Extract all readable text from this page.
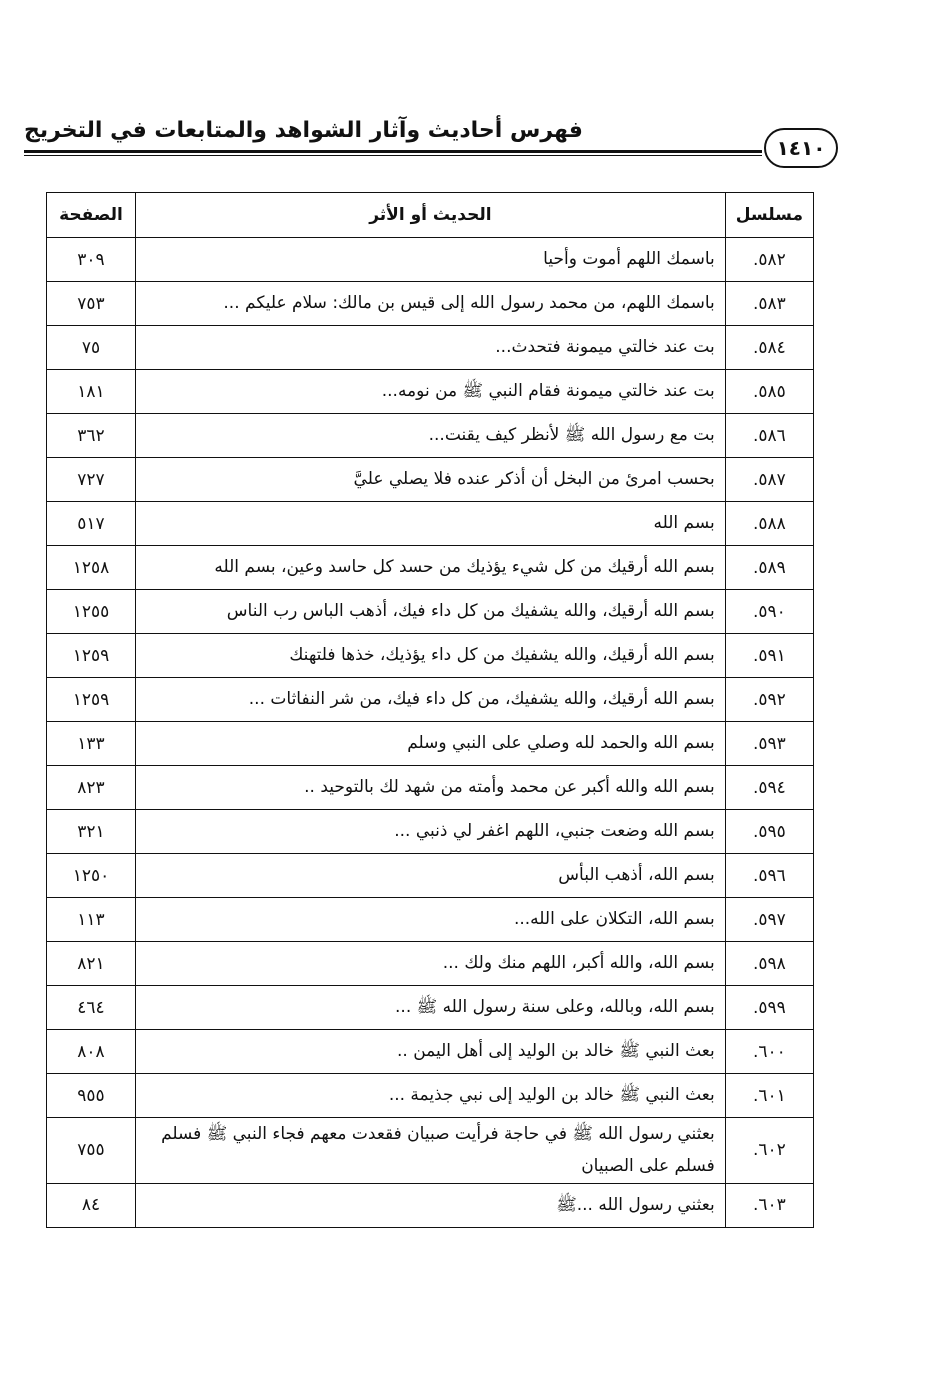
فهرس أحاديث وآثار الشواهد والمتابعات في التخريج
١٤١٠
مسلسل	الحديث أو الأثر	الصفحة
٥٨٢.	باسمك اللهم أموت وأحيا	٣٠٩
٥٨٣.	باسمك اللهم، من محمد رسول الله إلى قيس بن مالك: سلام عليكم ...	٧٥٣
٥٨٤.	بت عند خالتي ميمونة فتحدث...	٧٥
٥٨٥.	بت عند خالتي ميمونة فقام النبي ﷺ من نومه...	١٨١
٥٨٦.	بت مع رسول الله ﷺ لأنظر كيف يقنت...	٣٦٢
٥٨٧.	بحسب امرئ من البخل أن أذكر عنده فلا يصلي عليَّ	٧٢٧
٥٨٨.	بسم الله	٥١٧
٥٨٩.	بسم الله أرقيك من كل شيء يؤذيك من حسد كل حاسد وعين، بسم الله	١٢٥٨
٥٩٠.	بسم الله أرقيك، والله يشفيك من كل داء فيك، أذهب الباس رب الناس	١٢٥٥
٥٩١.	بسم الله أرقيك، والله يشفيك من كل داء يؤذيك، خذها فلتهنك	١٢٥٩
٥٩٢.	بسم الله أرقيك، والله يشفيك، من كل داء فيك، من شر النفاثات ...	١٢٥٩
٥٩٣.	بسم الله والحمد لله وصلي على النبي وسلم	١٣٣
٥٩٤.	بسم الله والله أكبر عن محمد وأمته من شهد لك بالتوحيد ..	٨٢٣
٥٩٥.	بسم الله وضعت جنبي، اللهم اغفر لي ذنبي ...	٣٢١
٥٩٦.	بسم الله، أذهب البأس	١٢٥٠
٥٩٧.	بسم الله، التكلان على الله...	١١٣
٥٩٨.	بسم الله، والله أكبر، اللهم منك ولك ...	٨٢١
٥٩٩.	بسم الله، وبالله، وعلى سنة رسول الله ﷺ ...	٤٦٤
٦٠٠.	بعث النبي ﷺ خالد بن الوليد إلى أهل اليمن ..	٨٠٨
٦٠١.	بعث النبي ﷺ خالد بن الوليد إلى نبي جذيمة ...	٩٥٥
٦٠٢.	بعثني رسول الله ﷺ في حاجة فرأيت صبيان فقعدت معهم فجاء النبي ﷺ فسلم فسلم على الصبيان	٧٥٥
٦٠٣.	بعثني رسول الله ...ﷺ	٨٤
